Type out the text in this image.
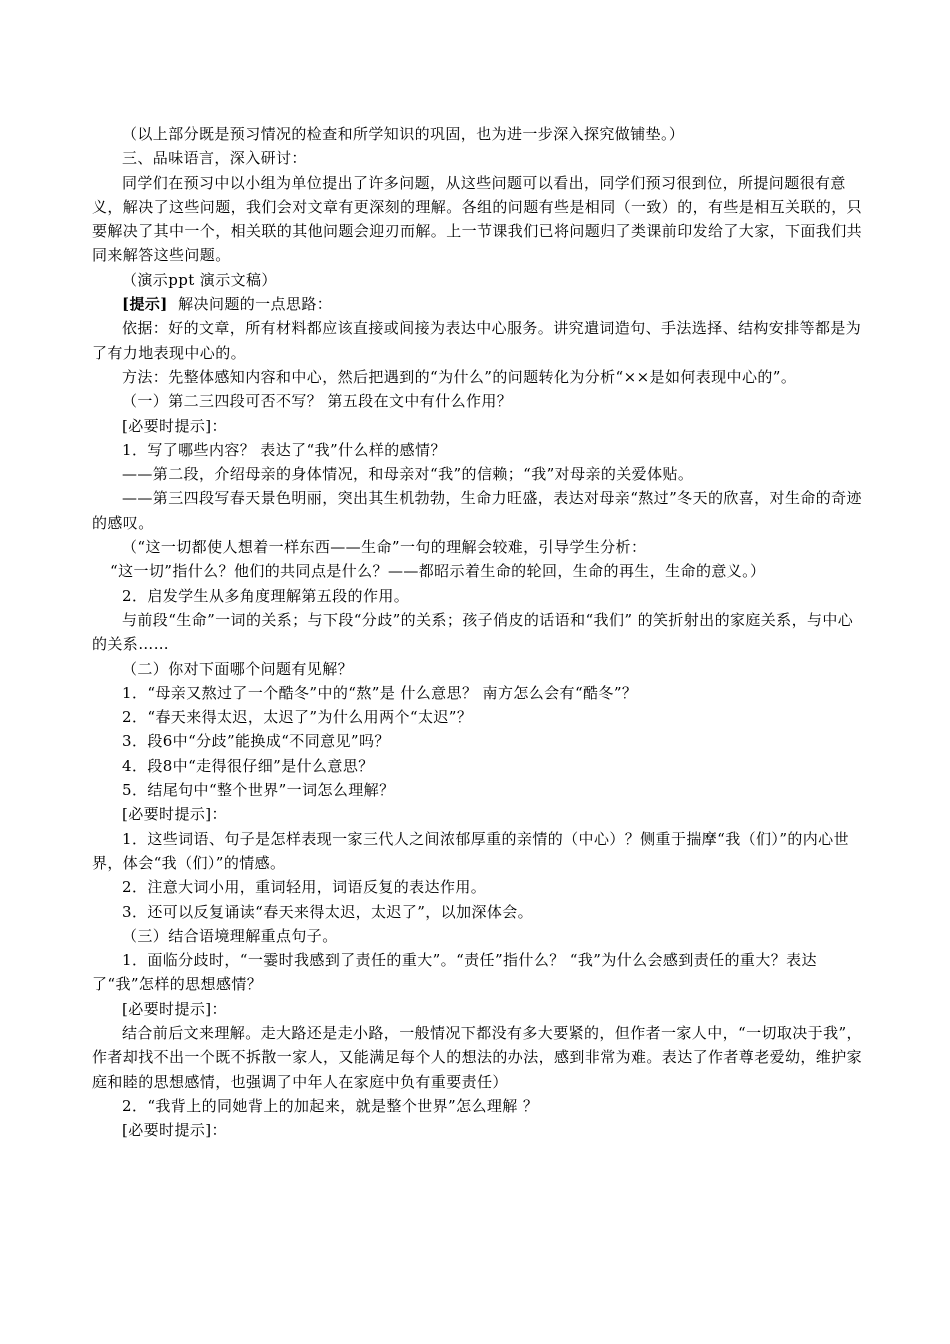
（以上部分既是预习情况的检查和所学知识的巩固，也为进一步深入探究做铺垫。）
三、品味语言，深入研讨：
同学们在预习中以小组为单位提出了许多问题，从这些问题可以看出，同学们预习很到位，所提问题很有意义，解决了这些问题，我们会对文章有更深刻的理解。各组的问题有些是相同（一致）的，有些是相互关联的，只要解决了其中一个，相关联的其他问题会迎刃而解。上一节课我们已将问题归了类课前印发给了大家，下面我们共同来解答这些问题。
（演示ppt 演示文稿）
[提示] 解决问题的一点思路：
依据：好的文章，所有材料都应该直接或间接为表达中心服务。讲究遣词造句、手法选择、结构安排等都是为了有力地表现中心的。
方法：先整体感知内容和中心，然后把遇到的“为什么”的问题转化为分析“××是如何表现中心的”。
（一）第二三四段可否不写？ 第五段在文中有什么作用？
[必要时提示]：
1．写了哪些内容？ 表达了“我”什么样的感情？
——第二段，介绍母亲的身体情况，和母亲对“我”的信赖；“我”对母亲的关爱体贴。
——第三四段写春天景色明丽，突出其生机勃勃，生命力旺盛，表达对母亲“熬过”冬天的欣喜，对生命的奇迹的感叹。
（“这一切都使人想着一样东西——生命”一句的理解会较难，引导学生分析：
“这一切”指什么？他们的共同点是什么？——都昭示着生命的轮回，生命的再生，生命的意义。）
2．启发学生从多角度理解第五段的作用。
与前段“生命”一词的关系；与下段“分歧”的关系；孩子俏皮的话语和“我们” 的笑折射出的家庭关系，与中心的关系……
（二）你对下面哪个问题有见解？
1．“母亲又熬过了一个酷冬”中的“熬”是 什么意思？ 南方怎么会有“酷冬”？
2．“春天来得太迟，太迟了”为什么用两个“太迟”？
3．段6中“分歧”能换成“不同意见”吗？
4．段8中“走得很仔细”是什么意思？
5．结尾句中“整个世界”一词怎么理解？
[必要时提示]：
1．这些词语、句子是怎样表现一家三代人之间浓郁厚重的亲情的（中心）？侧重于揣摩“我（们）”的内心世界，体会“我（们）”的情感。
2．注意大词小用，重词轻用，词语反复的表达作用。
3．还可以反复诵读“春天来得太迟，太迟了”，以加深体会。
（三）结合语境理解重点句子。
1．面临分歧时，“一霎时我感到了责任的重大”。“责任”指什么？ “我”为什么会感到责任的重大？表达了“我”怎样的思想感情？
[必要时提示]：
结合前后文来理解。走大路还是走小路，一般情况下都没有多大要紧的，但作者一家人中，“一切取决于我”，作者却找不出一个既不拆散一家人，又能满足每个人的想法的办法，感到非常为难。表达了作者尊老爱幼，维护家庭和睦的思想感情，也强调了中年人在家庭中负有重要责任）
2．“我背上的同她背上的加起来，就是整个世界”怎么理解 ？
[必要时提示]：
